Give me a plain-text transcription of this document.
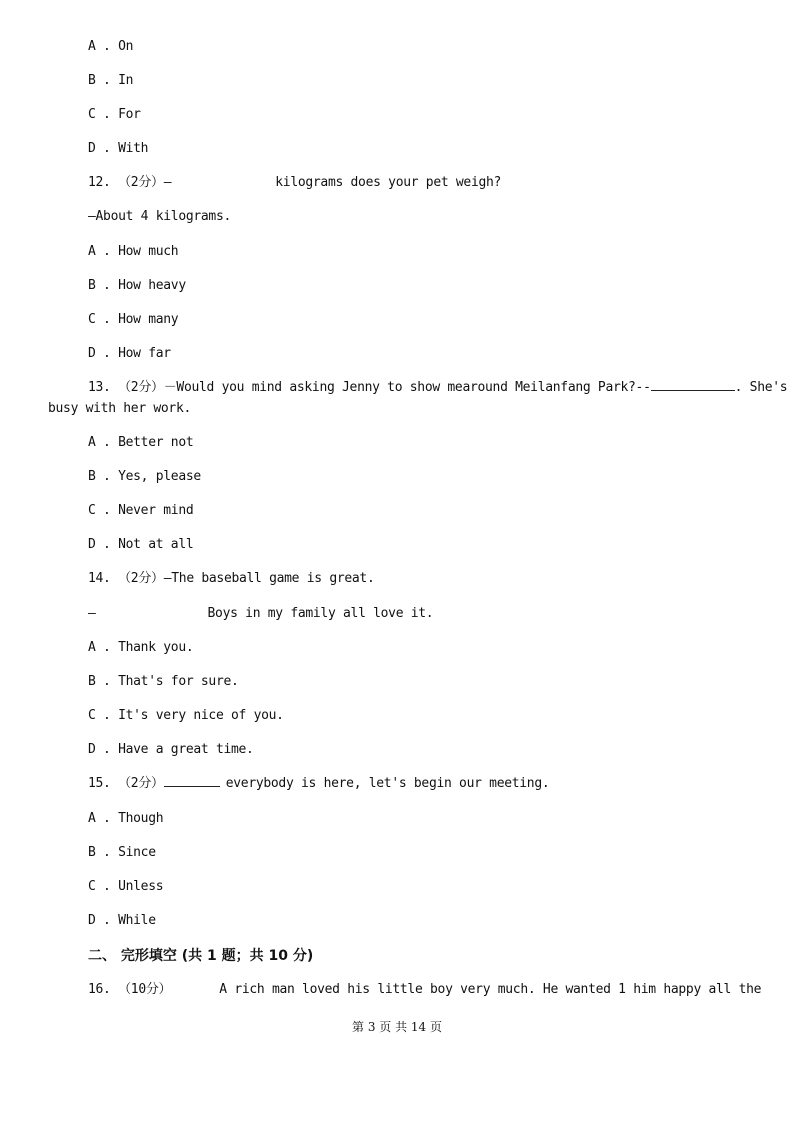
A . On
B . In
C . For
D . With
12. （2分）—	kilograms does your pet weigh?
—About 4 kilograms.
A . How much
B . How heavy
C . How many
D . How far
13. （2分）－Would you mind asking Jenny to show mearound Meilanfang Park?--	. She's
busy with her work.
A . Better not
B . Yes, please
C . Never mind
D . Not at all
14. （2分）—The baseball game is great.
—	Boys in my family all love it.
A . Thank you.
B . That's for sure.
C . It's very nice of you.
D . Have a great time.
15. （2分）	everybody is here, let's begin our meeting.
A . Though
B . Since
C . Unless
D . While
二、 完形填空 (共 1 题；共 10 分)
16. （10分）	A rich man loved his little boy very much. He wanted 1 him happy all the
第 3 页 共 14 页
